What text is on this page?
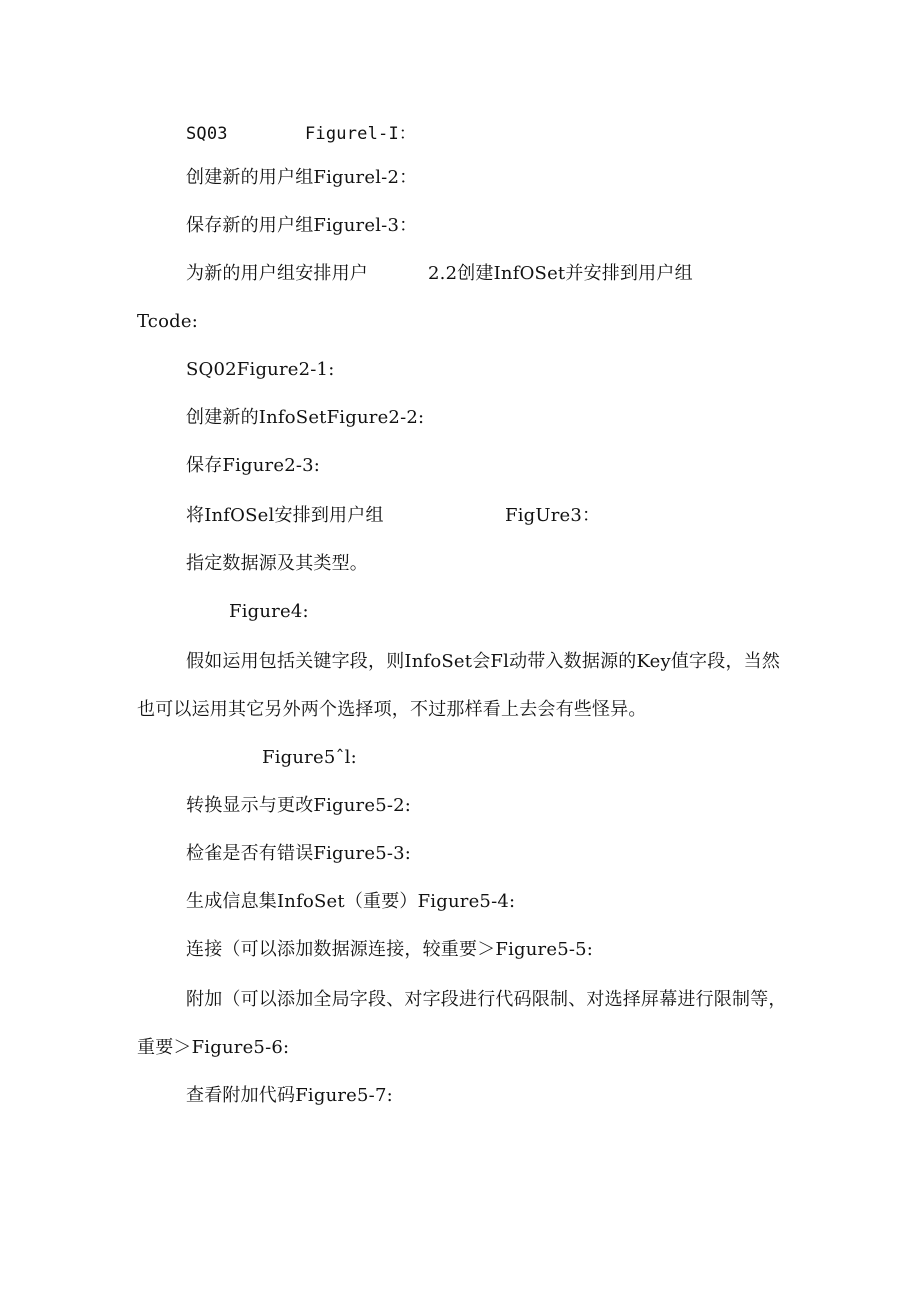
SQ03	Figurel-I：
创建新的用户组Figurel-2：
保存新的用户组Figurel-3：
为新的用户组安排用户	2.2创建InfOSet并安排到用户组
Tcode:
SQ02Figure2-1:
创建新的InfoSetFigure2-2:
保存Figure2-3:
将InfOSel安排到用户组	FigUre3：
指定数据源及其类型。
Figure4:
假如运用包括关键字段，则InfoSet会Fl动带入数据源的Key值字段，当然
也可以运用其它另外两个选择项，不过那样看上去会有些怪异。
Figure5ˆl:
转换显示与更改Figure5-2:
检雀是否有错误Figure5-3:
生成信息集InfoSet（重要）Figure5-4:
连接（可以添加数据源连接，较重要＞Figure5-5:
附加（可以添加全局字段、对字段进行代码限制、对选择屏幕进行限制等，
重要＞Figure5-6:
查看附加代码Figure5-7:
